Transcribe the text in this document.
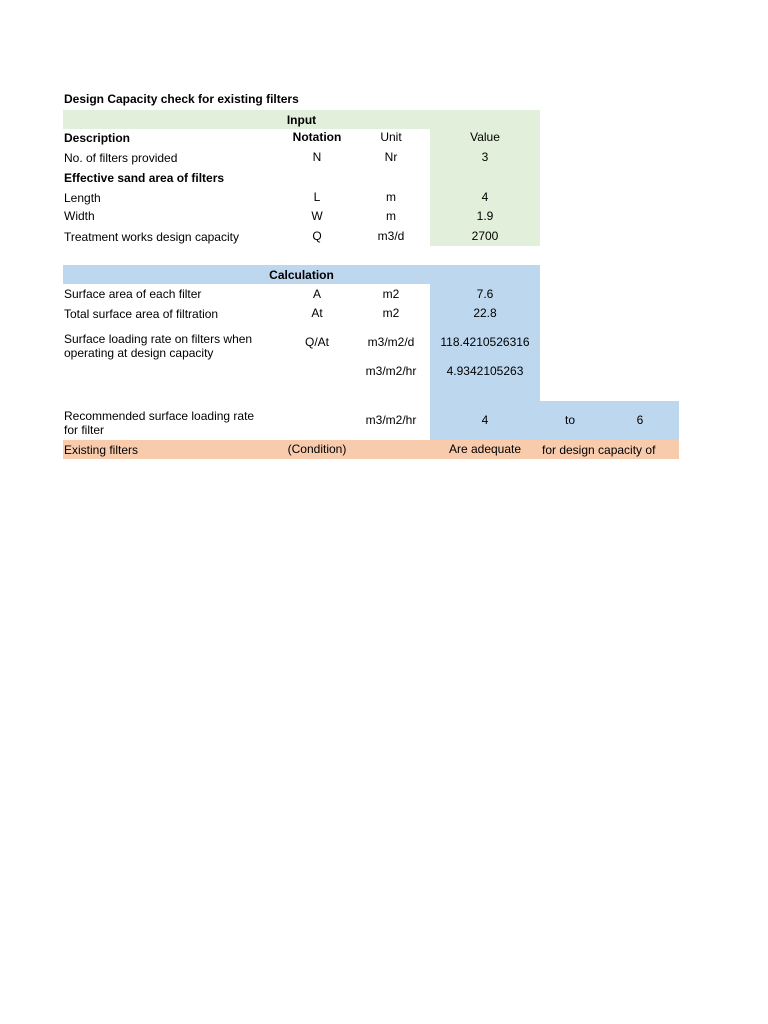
Design Capacity check for existing filters
Input
Description	Notation	Unit	Value
No. of filters provided	N	Nr	3
Effective sand area of filters
Length	L	m	4
Width	W	m	1.9
Treatment works design capacity	Q	m3/d	2700
Calculation
Surface area of each filter	A	m2	7.6
Total surface area of filtration	At	m2	22.8
Surface loading rate on filters when
operating at design capacity
Q/At	m3/m2/d	118.4210526316
m3/m2/hr	4.9342105263
Recommended surface loading rate
for filter
m3/m2/hr	4	to	6
Existing filters	(Condition)	Are adequate	for design capacity of
